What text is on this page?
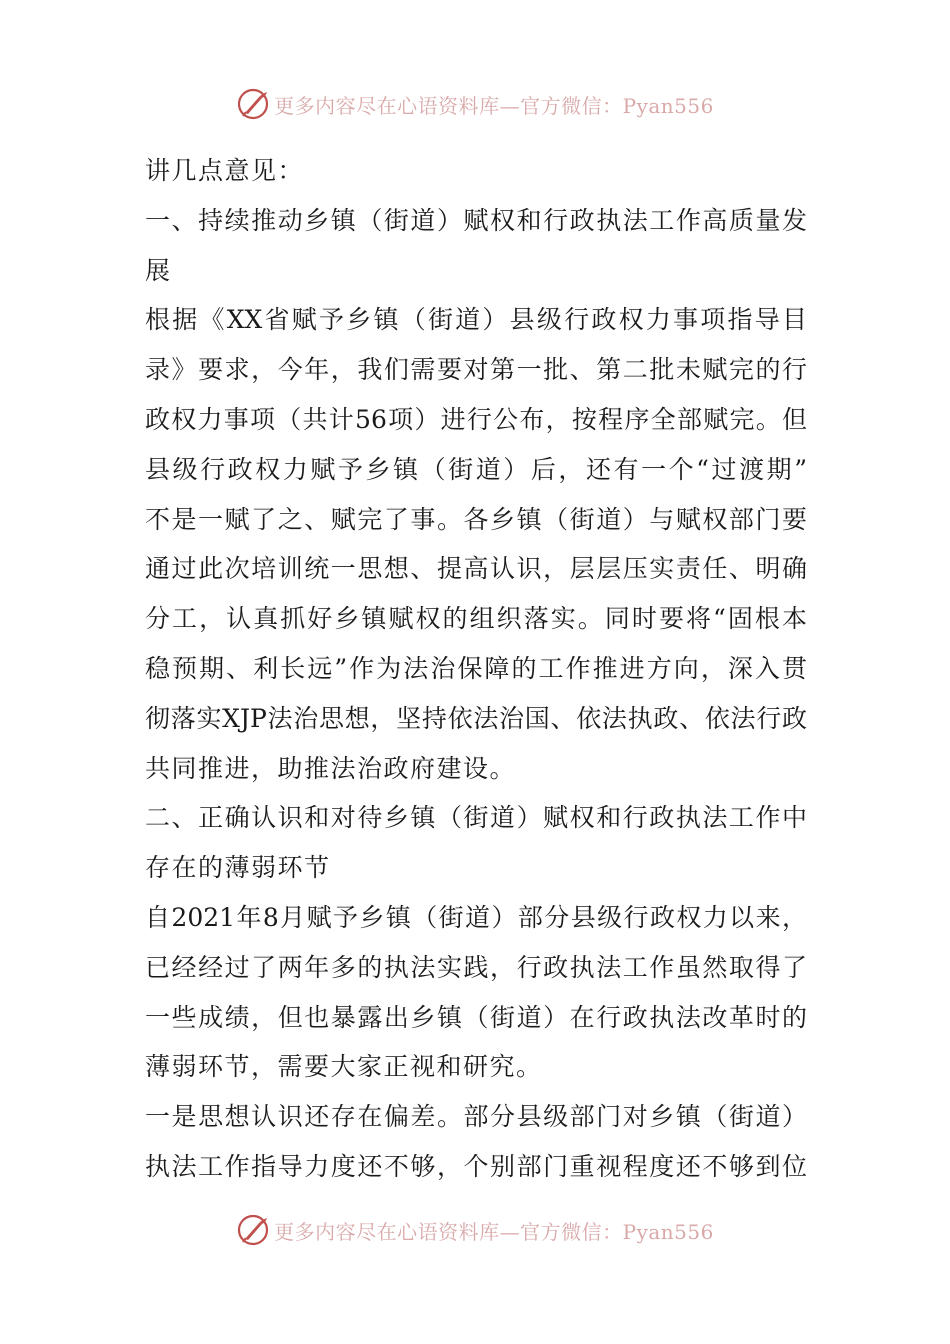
更多内容尽在心语资料库—官方微信：Pyan556
讲几点意见：
一、持续推动乡镇（街道）赋权和行政执法工作高质量发
展
根据《XX省赋予乡镇（街道）县级行政权力事项指导目
录》要求，今年，我们需要对第一批、第二批未赋完的行
政权力事项（共计56项）进行公布，按程序全部赋完。但
县级行政权力赋予乡镇（街道）后，还有一个“过渡期”
不是一赋了之、赋完了事。各乡镇（街道）与赋权部门要
通过此次培训统一思想、提高认识，层层压实责任、明确
分工，认真抓好乡镇赋权的组织落实。同时要将“固根本
稳预期、利长远”作为法治保障的工作推进方向，深入贯
彻落实XJP法治思想，坚持依法治国、依法执政、依法行政
共同推进，助推法治政府建设。
二、正确认识和对待乡镇（街道）赋权和行政执法工作中
存在的薄弱环节
自2021年8月赋予乡镇（街道）部分县级行政权力以来，
已经经过了两年多的执法实践，行政执法工作虽然取得了
一些成绩，但也暴露出乡镇（街道）在行政执法改革时的
薄弱环节，需要大家正视和研究。
一是思想认识还存在偏差。部分县级部门对乡镇（街道）
执法工作指导力度还不够，个别部门重视程度还不够到位
更多内容尽在心语资料库—官方微信：Pyan556
